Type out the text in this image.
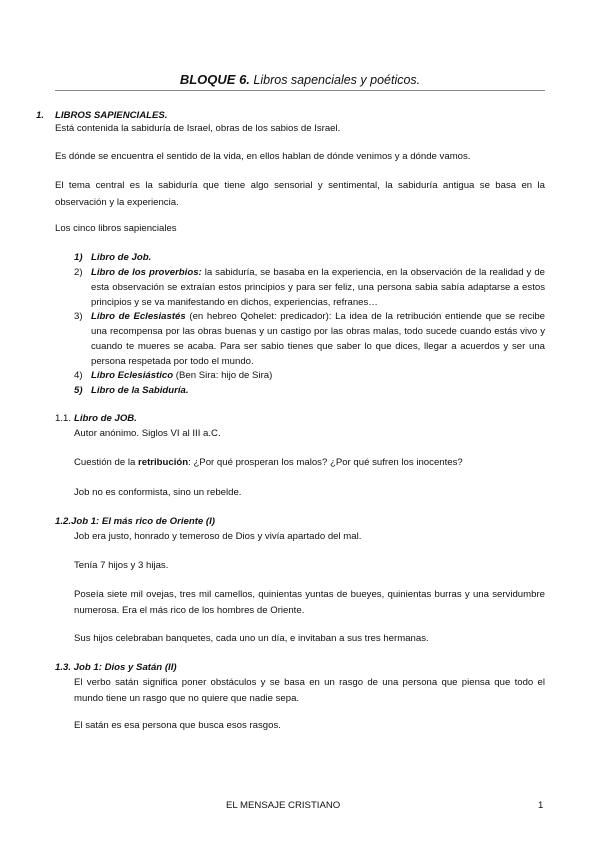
BLOQUE 6. Libros sapenciales y poéticos.
1. LIBROS SAPIENCIALES.
Está contenida la sabiduría de Israel, obras de los sabios de Israel.
Es dónde se encuentra el sentido de la vida, en ellos hablan de dónde venimos y a dónde vamos.
El tema central es la sabiduría que tiene algo sensorial y sentimental, la sabiduría antigua se basa en la observación y la experiencia.
Los cinco libros sapienciales
1) Libro de Job.
2) Libro de los proverbios: la sabiduría, se basaba en la experiencia, en la observación de la realidad y de esta observación se extraían estos principios y para ser feliz, una persona sabia sabía adaptarse a estos principios y se va manifestando en dichos, experiencias, refranes…
3) Libro de Eclesiastés (en hebreo Qohelet: predicador): La idea de la retribución entiende que se recibe una recompensa por las obras buenas y un castigo por las obras malas, todo sucede cuando estás vivo y cuando te mueres se acaba. Para ser sabio tienes que saber lo que dices, llegar a acuerdos y ser una persona respetada por todo el mundo.
4) Libro Eclesiástico (Ben Sira: hijo de Sira)
5) Libro de la Sabiduría.
1.1. Libro de JOB.
Autor anónimo. Siglos VI al III a.C.
Cuestión de la retribución: ¿Por qué prosperan los malos? ¿Por qué sufren los inocentes?
Job no es conformista, sino un rebelde.
1.2.Job 1: El más rico de Oriente (I)
Job era justo, honrado y temeroso de Dios y vivía apartado del mal.
Tenía 7 hijos y 3 hijas.
Poseía siete mil ovejas, tres mil camellos, quinientas yuntas de bueyes, quinientas burras y una servidumbre numerosa. Era el más rico de los hombres de Oriente.
Sus hijos celebraban banquetes, cada uno un día, e invitaban a sus tres hermanas.
1.3. Job 1: Dios y Satán (II)
El verbo satán significa poner obstáculos y se basa en un rasgo de una persona que piensa que todo el mundo tiene un rasgo que no quiere que nadie sepa.
El satán es esa persona que busca esos rasgos.
EL MENSAJE CRISTIANO	1
